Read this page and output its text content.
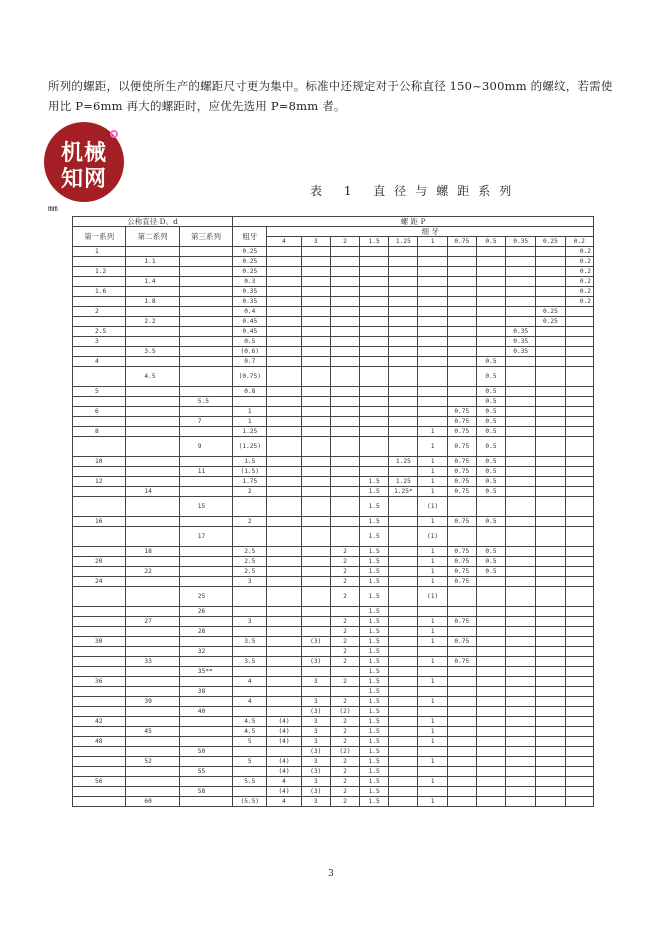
所列的螺距，以便使所生产的螺距尺寸更为集中。标准中还规定对于公称直径 150~300mm 的螺纹，若需使用比 P=6mm 再大的螺距时，应优先选用 P=8mm 者。
机械
知网	表 1 直径与螺距系列
mm
公称直径 D、d			螺 距 P											
第一系列	第二系列	第三系列	粗牙	细 牙										
				4	3	2	1.5	1.25	1	0.75	0.5	0.35	0.25	0.2
1			0.25											0.2
	1.1		0.25											0.2
1.2			0.25											0.2
	1.4		0.3											0.2
1.6			0.35											0.2
	1.8		0.35											0.2
2			0.4										0.25	
	2.2		0.45										0.25	
2.5			0.45									0.35		
3			0.5									0.35		
	3.5		(0.6)									0.35		
4			0.7								0.5			
	4.5		(0.75)								0.5			
5			0.8								0.5			
		5.5									0.5			
6			1							0.75	0.5			
		7	1							0.75	0.5			
8			1.25						1	0.75	0.5			
		9	(1.25)						1	0.75	0.5			
10			1.5					1.25	1	0.75	0.5			
		11	(1.5)						1	0.75	0.5			
12			1.75				1.5	1.25	1	0.75	0.5			
	14		2				1.5	1.25*	1	0.75	0.5			
		15					1.5		(1)					
16			2				1.5		1	0.75	0.5			
		17					1.5		(1)					
	18		2.5			2	1.5		1	0.75	0.5			
20			2.5			2	1.5		1	0.75	0.5			
	22		2.5			2	1.5		1	0.75	0.5			
24			3			2	1.5		1	0.75				
		25				2	1.5		(1)					
		26					1.5							
	27		3			2	1.5		1	0.75				
		28				2	1.5		1					
30			3.5		(3)	2	1.5		1	0.75				
		32				2	1.5							
	33		3.5		(3)	2	1.5		1	0.75				
		35**					1.5							
36			4		3	2	1.5		1					
		38					1.5							
	39		4		3	2	1.5		1					
		40			(3)	(2)	1.5							
42			4.5	(4)	3	2	1.5		1					
	45		4.5	(4)	3	2	1.5		1					
48			5	(4)	3	2	1.5		1					
		50			(3)	(2)	1.5							
	52		5	(4)	3	2	1.5		1					
		55		(4)	(3)	2	1.5							
56			5.5	4	3	2	1.5		1					
		58		(4)	(3)	2	1.5							
	60		(5.5)	4	3	2	1.5		1					
3
